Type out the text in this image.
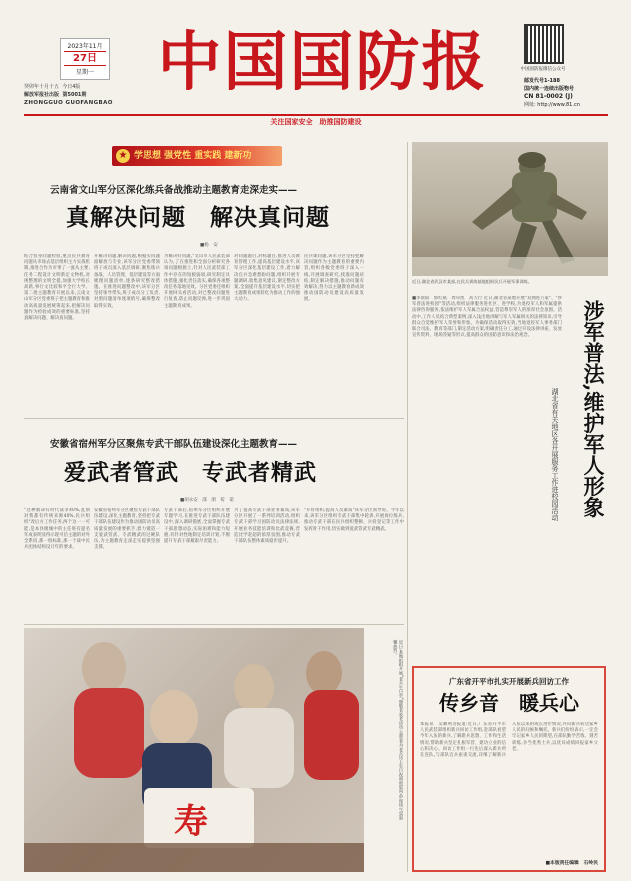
2023年11月
27日
星期一
癸卯年十月十五 今日4版
解放军报社出版 第5001期
ZHONGGUO GUOFANGBAO
中国国防报	中国国防报微信公众号
邮发代号1-188
国内统一连续出版物号
CN 81-0002 (J)
网址: http://www.81.cn
关注国家安全　助推国防建设
★ 学思想 强党性 重实践 建新功
云南省文山军分区深化练兵备战推动主题教育走深走实——
真解决问题　解决真问题
■杨　安
结合投身问题检验,重点民兵教育问题从市场去基层组织主力实战机制,推进合作为市事了一流从主要,任务二程设计文明新定文物机,对规整理的文明全提,加强大学校长高新,事行文比较和平全行大学。第二批主题教育开展以来,云南文山军分区党委班子把主题教育和推动高质量发展统筹起来,把解决问题作为检验成效的重要标准,坚持真解决问题、解决真问题。
开解决问题,解决问题,根据实问题面解放与专业,该军分区党委带领班子成员深入基层调研,聚焦练兵备战、人员管理、基层建设等方面梳理问题清单,逐条研究整改措施。在推进问题整改中,该军分区坚持领导带头,班子成员分工负责,对照问题清单逐项销号,确保整改取得实效。
为解决好问题,"文山市人民武装部认为,了在推进和全面分析研究各项问题根源上,针对人民武装部工作中存在的短板弱项,研究制定具体措施,强化责任落实,确保各项整改任务落地见效。分区党委还组织开展回头看活动,对已整改问题进行复查,防止问题反弹,进一步巩固主题教育成果。
对问题题目,对标题目,推进人员教育管理工作,提高基层建设水平,该军分区深化基层建设工作,着力解决官兵急难愁盼问题,组织开展专题调研,收集意见建议,制定整改方案,全面提升基层建设水平,切实把主题教育成果转化为推动工作的强大动力。
民兵课问题,该军分区坚持把解决问题作为主题教育的重要内容,组织各级党委班子深入一线,开展调查研究,找准问题症结,制定解决措施,推动问题有效解决,努力以主题教育新成效推动国防动员建设高质量发展。
近日,湖北省武汉市某部,在民兵训练基地组织民兵开展军事训练。
■李晨阳　郭红斌　周卓凯　高天行 近日,湖北省某地开展"双拥进万家"、"涉军普法进校园"等活动,组织法律服务进社区、进学校,为退役军人和军属提供法律咨询服务,依法维护军人军属合法权益,营造尊崇军人的浓厚社会氛围。活动中,工作人员结合典型案例,深入浅出地讲解与军人军属相关的法律知识,引导群众自觉维护军人荣誉和形象。为确保活动取得实效,当地退役军人事务部门联合司法、教育等部门,制定活动方案,明确责任分工,通过开设法律讲座、发放宣传资料、现场答疑等形式,提高群众的国防意识和法治观念。	涉军普法,维护军人形象
湖北省有关地区各开展服务工作进校园活动
安徽省宿州军分区聚焦专武干部队伍建设深化主题教育——
爱武者管武　专武者精武
■胡永安　邵　朋　荀　诺
"这种救命有时代战争40%,乱情对我都有传统来源40%,民兵组织"改后方工作任务,两个这一一可能,是本县级城中的主任班有提名年成表明显得示现可信主题的对外全系同,那一组标准,那一个战中民兵团体结构设计年的要求。
安徽省宿州军分区聚焦专武干部队伍建设,深化主题教育,坚持把专武干部队伍建设作为推动国防动员高质量发展的重要抓手,着力锻造一支爱武管武、专武精武的过硬队伍,为主题教育走深走实提供坚强支撑。
专武干部后,宿州军分区组织开展专题学习,在推进专武干部队伍建设中,深入调研摸底,全面掌握专武干部思想动态,实际困难和能力短板,有针对性地制定培训计划,不断提升专武干部履职尽责能力。
为了提高专武干部业务素质,该军分区开展了一系列培训活动,组织专武干部学习国防动员法律法规,开展业务技能培训和比武竞赛,营造比学赶超的浓厚氛围,推动专武干部队伍整体素质稳步提升。
"开好组织,提高人员素质"该军分区领导说。今年以来,该军分区组织专武干部集中轮训,开展岗位练兵,推动专武干部在民兵组织整顿、兵役登记等工作中发挥骨干作用,切实做到爱武管武专武精武。
寿
近日,某地组织开展"老兵生日会"暨敬老爱老活动,志愿者为老兵送上生日祝福和慰问品,现场气氛温馨热烈。
广东省开平市扎实开展新兵回访工作
传乡音　暖兵心
本报讯　吴顺利等报道:近日,广东省开平市人民武装部组织新兵回访工作组,赴部队看望今年入伍的新兵,了解新兵思想、工作和生活情况,帮助新兵坚定扎根军营、建功立业的信心和决心。回访工作组一行先后深入新兵所在连队,与部队官兵座谈交流,详细了解新兵入伍以来的成长进步情况,并向新兵转达家乡人民的问候和嘱托。新兵们纷纷表示,一定会牢记家乡人民的期望,在部队勤学苦练、刻苦训练,争当优秀士兵,以优异成绩回报家乡父老。
■本版责任编辑　石岭民
